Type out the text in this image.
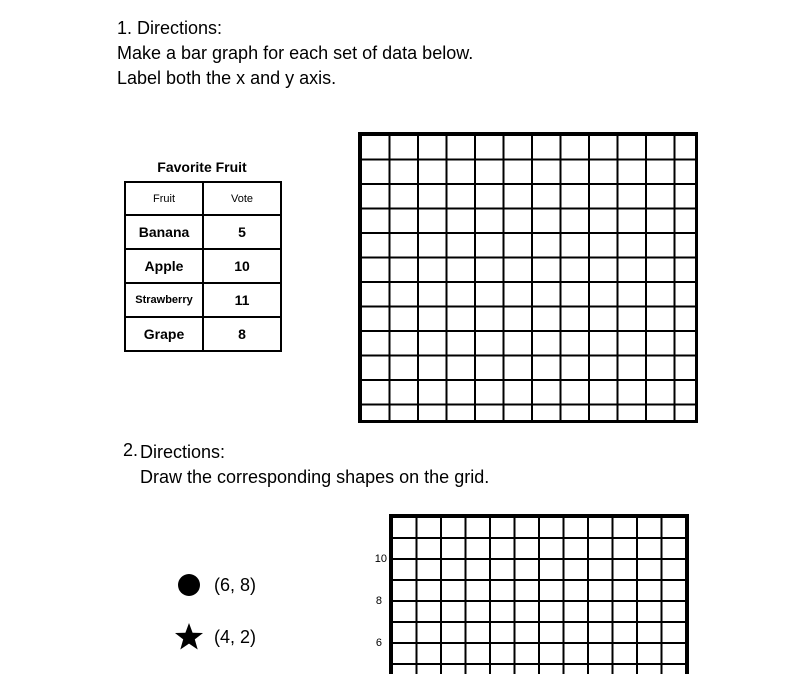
1. Directions:
Make a bar graph for each set of data below.
Label both the x and y axis.
Favorite Fruit
Fruit	Vote
Banana	5
Apple	10
Strawberry	11
Grape	8
2. Directions:
Draw the corresponding shapes on the grid.
(6, 8)
(4, 2)
10
8
6
